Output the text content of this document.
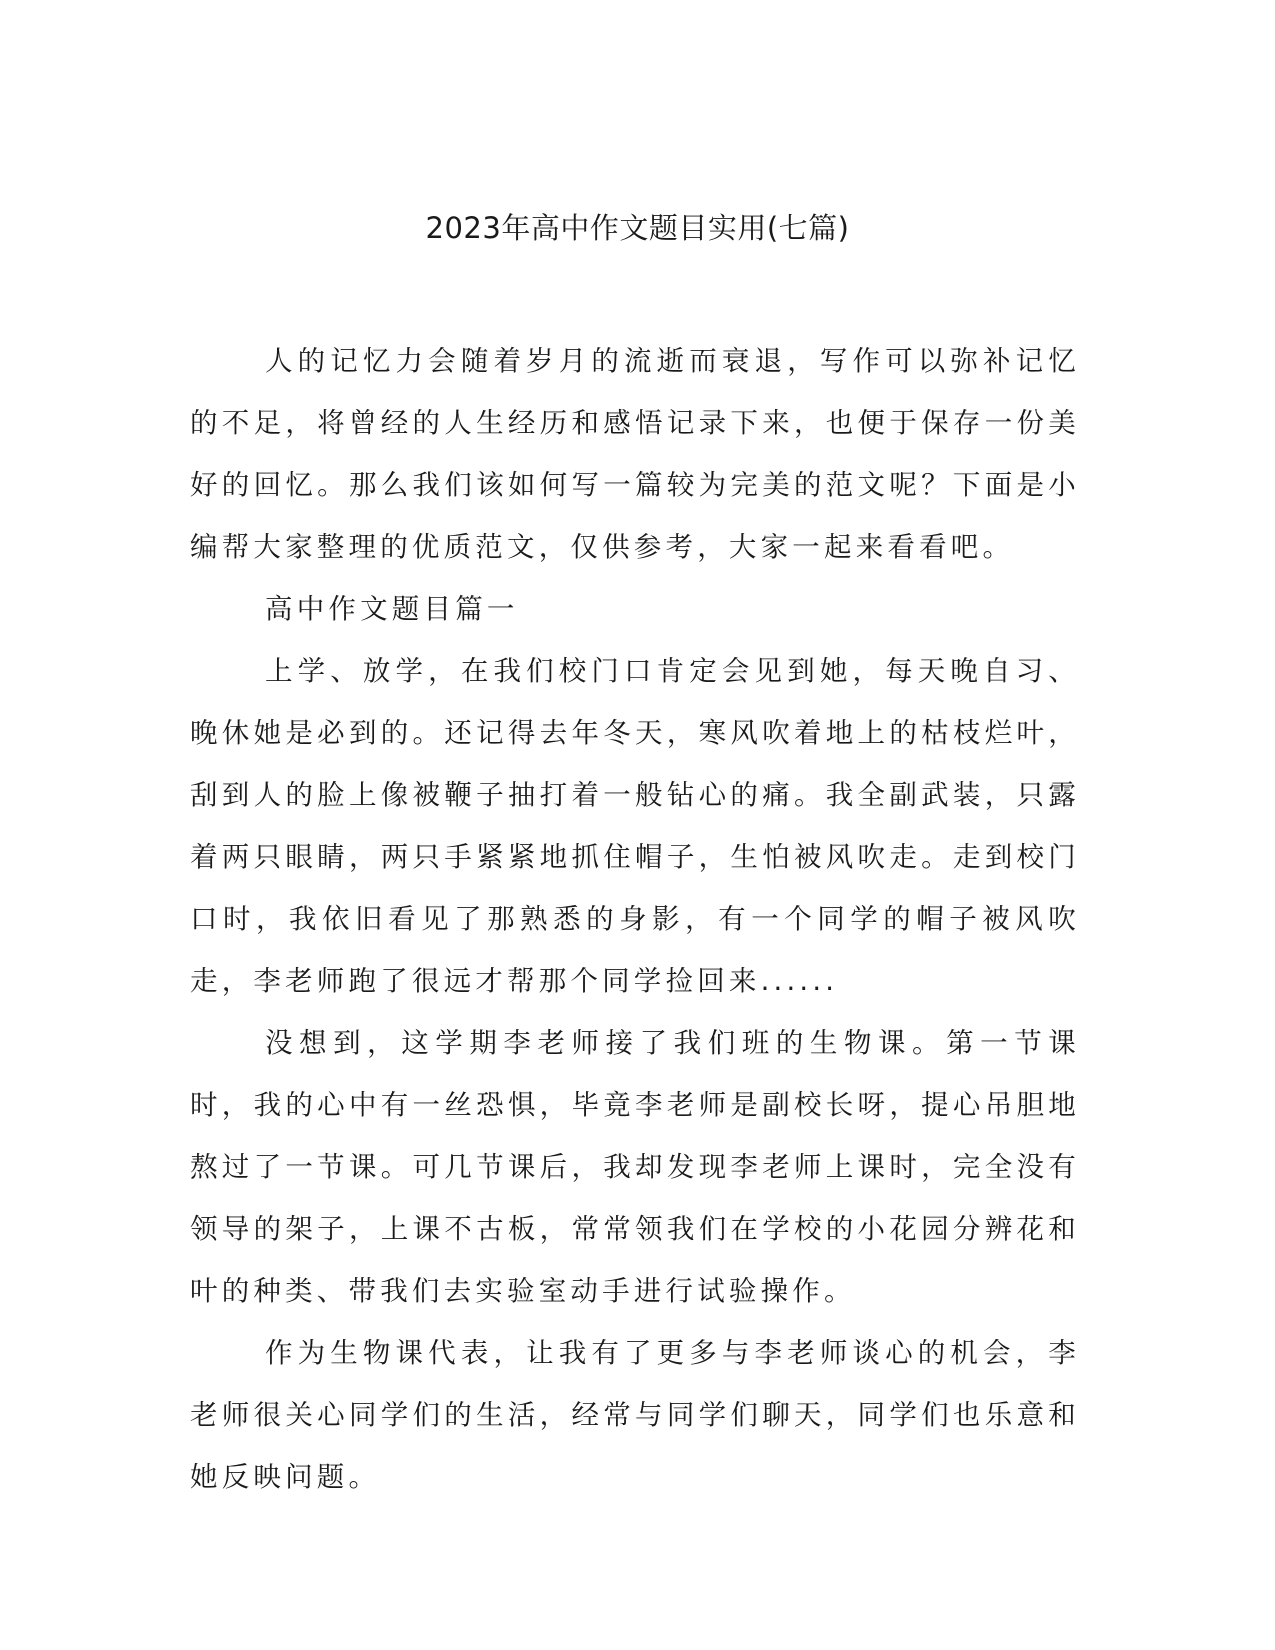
2023年高中作文题目实用(七篇)

人的记忆力会随着岁月的流逝而衰退，写作可以弥补记忆的不足，将曾经的人生经历和感悟记录下来，也便于保存一份美好的回忆。那么我们该如何写一篇较为完美的范文呢？下面是小编帮大家整理的优质范文，仅供参考，大家一起来看看吧。

高中作文题目篇一

上学、放学，在我们校门口肯定会见到她，每天晚自习、晚休她是必到的。还记得去年冬天，寒风吹着地上的枯枝烂叶，刮到人的脸上像被鞭子抽打着一般钻心的痛。我全副武装，只露着两只眼睛，两只手紧紧地抓住帽子，生怕被风吹走。走到校门口时，我依旧看见了那熟悉的身影，有一个同学的帽子被风吹走，李老师跑了很远才帮那个同学捡回来......

没想到，这学期李老师接了我们班的生物课。第一节课时，我的心中有一丝恐惧，毕竟李老师是副校长呀，提心吊胆地熬过了一节课。可几节课后，我却发现李老师上课时，完全没有领导的架子，上课不古板，常常领我们在学校的小花园分辨花和叶的种类、带我们去实验室动手进行试验操作。

作为生物课代表，让我有了更多与李老师谈心的机会，李老师很关心同学们的生活，经常与同学们聊天，同学们也乐意和她反映问题。
